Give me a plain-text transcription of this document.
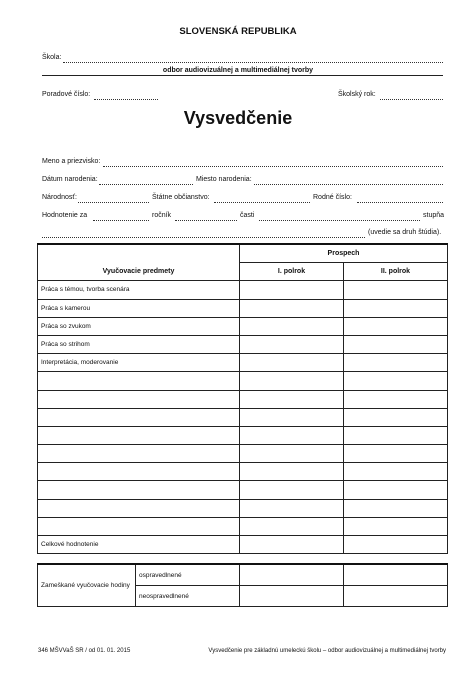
SLOVENSKÁ REPUBLIKA
Škola:
odbor audiovizuálnej a multimediálnej tvorby
Poradové číslo:	Školský rok:
Vysvedčenie
Meno a priezvisko:
Dátum narodenia:	Miesto narodenia:
Národnosť:	Štátne občianstvo:	Rodné číslo:
Hodnotenie za	ročník	časti	stupňa
(uvedie sa druh štúdia).
	Prospech	

Vyučovacie predmety	I. polrok	II. polrok
Práca s témou, tvorba scenára		
Práca s kamerou		
Práca so zvukom		
Práca so strihom		
Interpretácia, moderovanie		

Celkové hodnotenie		
Zameškané vyučovacie hodiny	ospravedlnené		
	neospravedlnené		
346 MŠVVaŠ SR / od 01. 01. 2015	Vysvedčenie pre základnú umeleckú školu – odbor audiovizuálnej a multimediálnej tvorby
